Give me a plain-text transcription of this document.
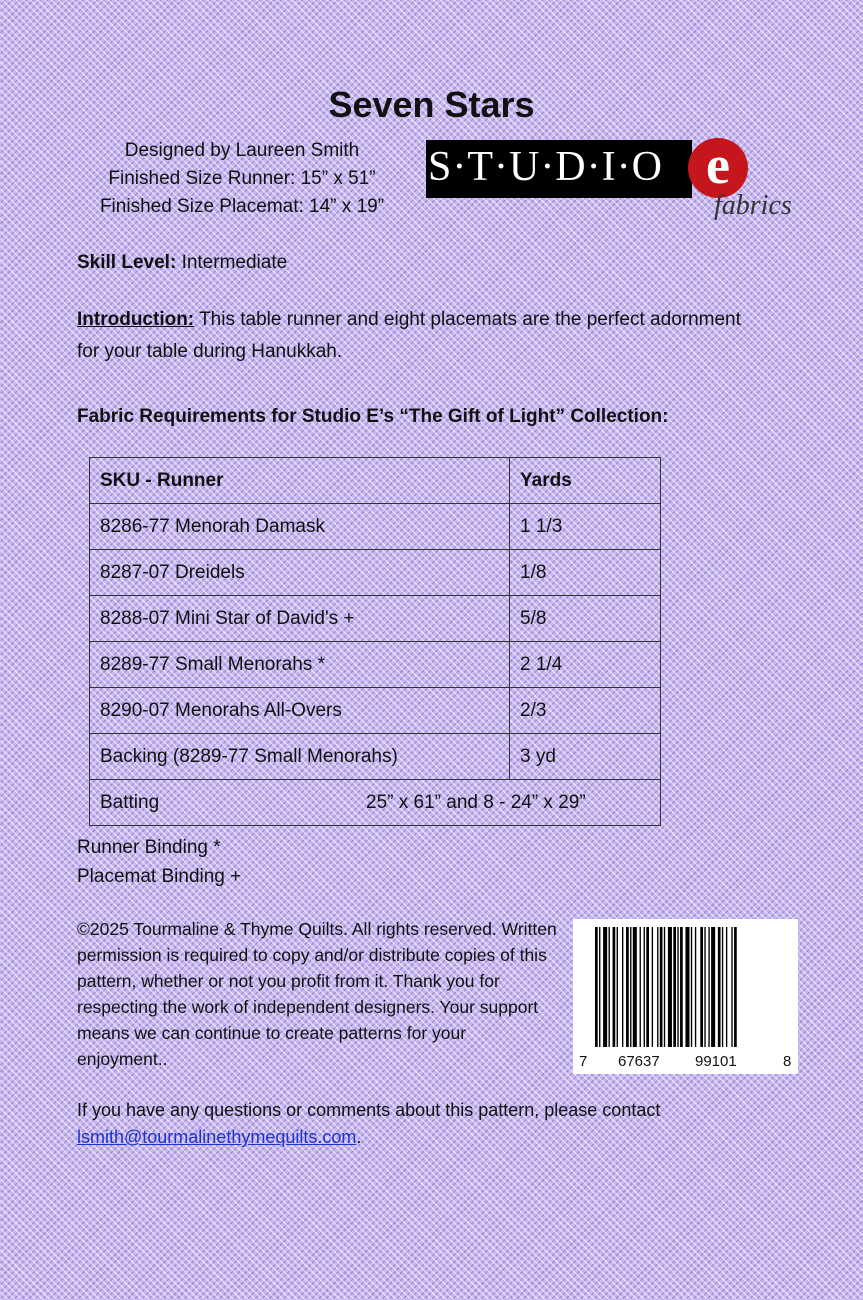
Seven Stars
Designed by Laureen Smith
Finished Size Runner: 15” x 51”
Finished Size Placemat: 14” x 19”
S·T·U·D·I·O e
fabrics
Skill Level: Intermediate
Introduction: This table runner and eight placemats are the perfect adornment for your table during Hanukkah.
Fabric Requirements for Studio E’s “The Gift of Light” Collection:
SKU - Runner	Yards
8286-77 Menorah Damask	1 1/3
8287-07 Dreidels	1/8
8288-07 Mini Star of David's +	5/8
8289-77 Small Menorahs *	2 1/4
8290-07 Menorahs All-Overs	2/3
Backing (8289-77 Small Menorahs)	3 yd
Batting 25” x 61” and 8 - 24” x 29”	
Runner Binding *
Placemat Binding +
©2025 Tourmaline & Thyme Quilts. All rights reserved. Written permission is required to copy and/or distribute copies of this pattern, whether or not you profit from it. Thank you for respecting the work of independent designers. Your support means we can continue to create patterns for your enjoyment..	7 67637 99101	8
If you have any questions or comments about this pattern, please contact lsmith@tourmalinethymequilts.com.
